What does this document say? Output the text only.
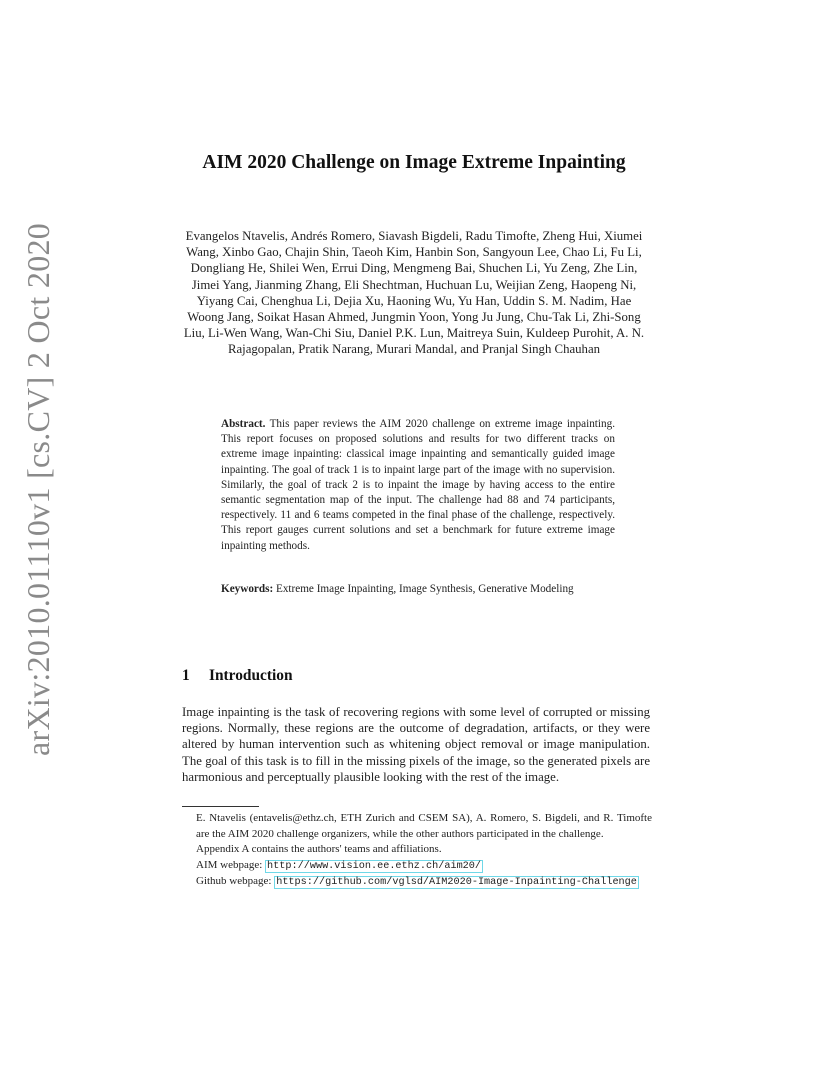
arXiv:2010.01110v1 [cs.CV] 2 Oct 2020
AIM 2020 Challenge on Image Extreme Inpainting
Evangelos Ntavelis, Andrés Romero, Siavash Bigdeli, Radu Timofte, Zheng Hui, Xiumei Wang, Xinbo Gao, Chajin Shin, Taeoh Kim, Hanbin Son, Sangyoun Lee, Chao Li, Fu Li, Dongliang He, Shilei Wen, Errui Ding, Mengmeng Bai, Shuchen Li, Yu Zeng, Zhe Lin, Jimei Yang, Jianming Zhang, Eli Shechtman, Huchuan Lu, Weijian Zeng, Haopeng Ni, Yiyang Cai, Chenghua Li, Dejia Xu, Haoning Wu, Yu Han, Uddin S. M. Nadim, Hae Woong Jang, Soikat Hasan Ahmed, Jungmin Yoon, Yong Ju Jung, Chu-Tak Li, Zhi-Song Liu, Li-Wen Wang, Wan-Chi Siu, Daniel P.K. Lun, Maitreya Suin, Kuldeep Purohit, A. N. Rajagopalan, Pratik Narang, Murari Mandal, and Pranjal Singh Chauhan
Abstract. This paper reviews the AIM 2020 challenge on extreme image inpainting. This report focuses on proposed solutions and results for two different tracks on extreme image inpainting: classical image inpainting and semantically guided image inpainting. The goal of track 1 is to inpaint large part of the image with no supervision. Similarly, the goal of track 2 is to inpaint the image by having access to the entire semantic segmentation map of the input. The challenge had 88 and 74 participants, respectively. 11 and 6 teams competed in the final phase of the challenge, respectively. This report gauges current solutions and set a benchmark for future extreme image inpainting methods.
Keywords: Extreme Image Inpainting, Image Synthesis, Generative Modeling
1 Introduction
Image inpainting is the task of recovering regions with some level of corrupted or missing regions. Normally, these regions are the outcome of degradation, artifacts, or they were altered by human intervention such as whitening object removal or image manipulation. The goal of this task is to fill in the missing pixels of the image, so the generated pixels are harmonious and perceptually plausible looking with the rest of the image.

E. Ntavelis (entavelis@ethz.ch, ETH Zurich and CSEM SA), A. Romero, S. Bigdeli, and R. Timofte are the AIM 2020 challenge organizers, while the other authors participated in the challenge.

Appendix A contains the authors' teams and affiliations.

AIM webpage: http://www.vision.ee.ethz.ch/aim20/

Github webpage: https://github.com/vglsd/AIM2020-Image-Inpainting-Challenge
